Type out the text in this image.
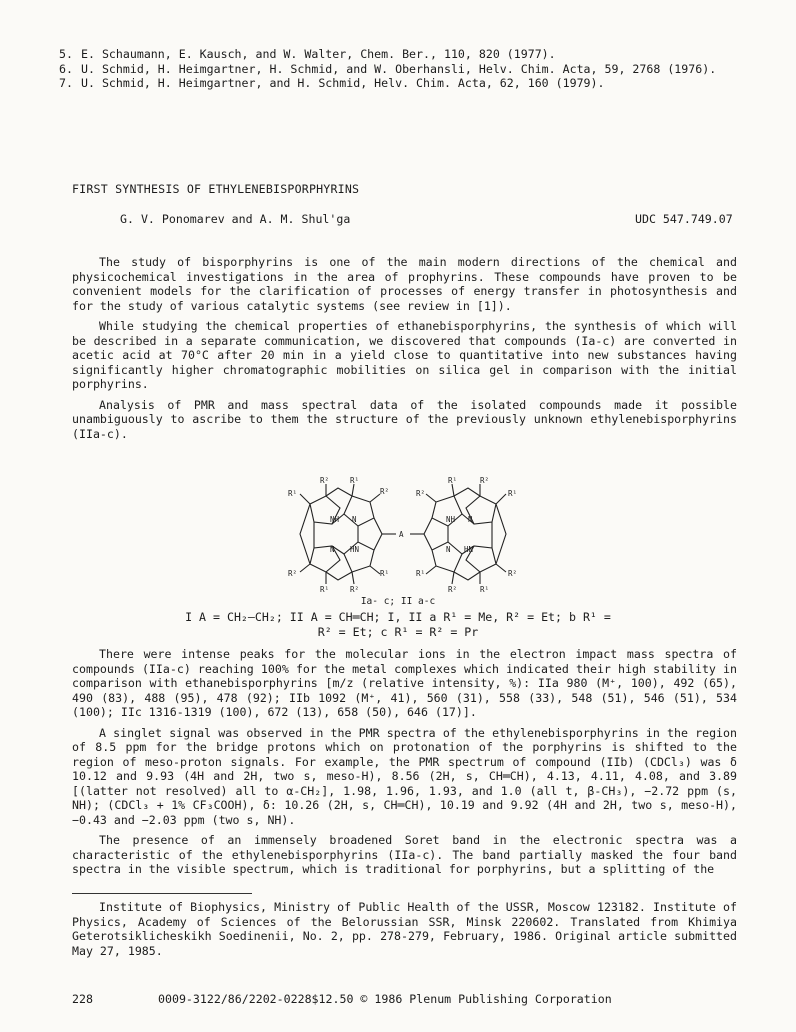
5. E. Schaumann, E. Kausch, and W. Walter, Chem. Ber., 110, 820 (1977).
6. U. Schmid, H. Heimgartner, H. Schmid, and W. Oberhansli, Helv. Chim. Acta, 59, 2768 (1976).
7. U. Schmid, H. Heimgartner, and H. Schmid, Helv. Chim. Acta, 62, 160 (1979).
FIRST SYNTHESIS OF ETHYLENEBISPORPHYRINS
G. V. Ponomarev and A. M. Shul'ga	UDC 547.749.07

The study of bisporphyrins is one of the main modern directions of the chemical and physicochemical investigations in the area of prophyrins. These compounds have proven to be convenient models for the clarification of processes of energy transfer in photosynthesis and for the study of various catalytic systems (see review in [1]).

While studying the chemical properties of ethanebisporphyrins, the synthesis of which will be described in a separate communication, we discovered that compounds (Ia-c) are converted in acetic acid at 70°C after 20 min in a yield close to quantitative into new substances having significantly higher chromatographic mobilities on silica gel in comparison with the initial porphyrins.

Analysis of PMR and mass spectral data of the isolated compounds made it possible unambiguously to ascribe to them the structure of the previously unknown ethylenebisporphyrins (IIa-c).

R¹
R²	R¹
R²
R²
R¹	R²
R¹
NH N
N HN
A
R²
R¹	R²
R¹
R¹
R²	R¹
R²
NH N
N HN
Ia- c; II a-c
I A = CH₂—CH₂; II A = CH═CH; I, II a R¹ = Me, R² = Et; b R¹ =
R² = Et; c R¹ = R² = Pr

There were intense peaks for the molecular ions in the electron impact mass spectra of compounds (IIa-c) reaching 100% for the metal complexes which indicated their high stability in comparison with ethanebisporphyrins [m/z (relative intensity, %): IIa 980 (M⁺, 100), 492 (65), 490 (83), 488 (95), 478 (92); IIb 1092 (M⁺, 41), 560 (31), 558 (33), 548 (51), 546 (51), 534 (100); IIc 1316-1319 (100), 672 (13), 658 (50), 646 (17)].

A singlet signal was observed in the PMR spectra of the ethylenebisporphyrins in the region of 8.5 ppm for the bridge protons which on protonation of the porphyrins is shifted to the region of meso-proton signals. For example, the PMR spectrum of compound (IIb) (CDCl₃) was δ 10.12 and 9.93 (4H and 2H, two s, meso-H), 8.56 (2H, s, CH═CH), 4.13, 4.11, 4.08, and 3.89 [(latter not resolved) all to α-CH₂], 1.98, 1.96, 1.93, and 1.0 (all t, β-CH₃), −2.72 ppm (s, NH); (CDCl₃ + 1% CF₃COOH), δ: 10.26 (2H, s, CH═CH), 10.19 and 9.92 (4H and 2H, two s, meso-H), −0.43 and −2.03 ppm (two s, NH).

The presence of an immensely broadened Soret band in the electronic spectra was a characteristic of the ethylenebisporphyrins (IIa-c). The band partially masked the four band spectra in the visible spectrum, which is traditional for porphyrins, but a splitting of the

Institute of Biophysics, Ministry of Public Health of the USSR, Moscow 123182. Institute of Physics, Academy of Sciences of the Belorussian SSR, Minsk 220602. Translated from Khimiya Geterotsiklicheskikh Soedinenii, No. 2, pp. 278-279, February, 1986. Original article submitted May 27, 1985.
228	0009-3122/86/2202-0228$12.50 © 1986 Plenum Publishing Corporation
